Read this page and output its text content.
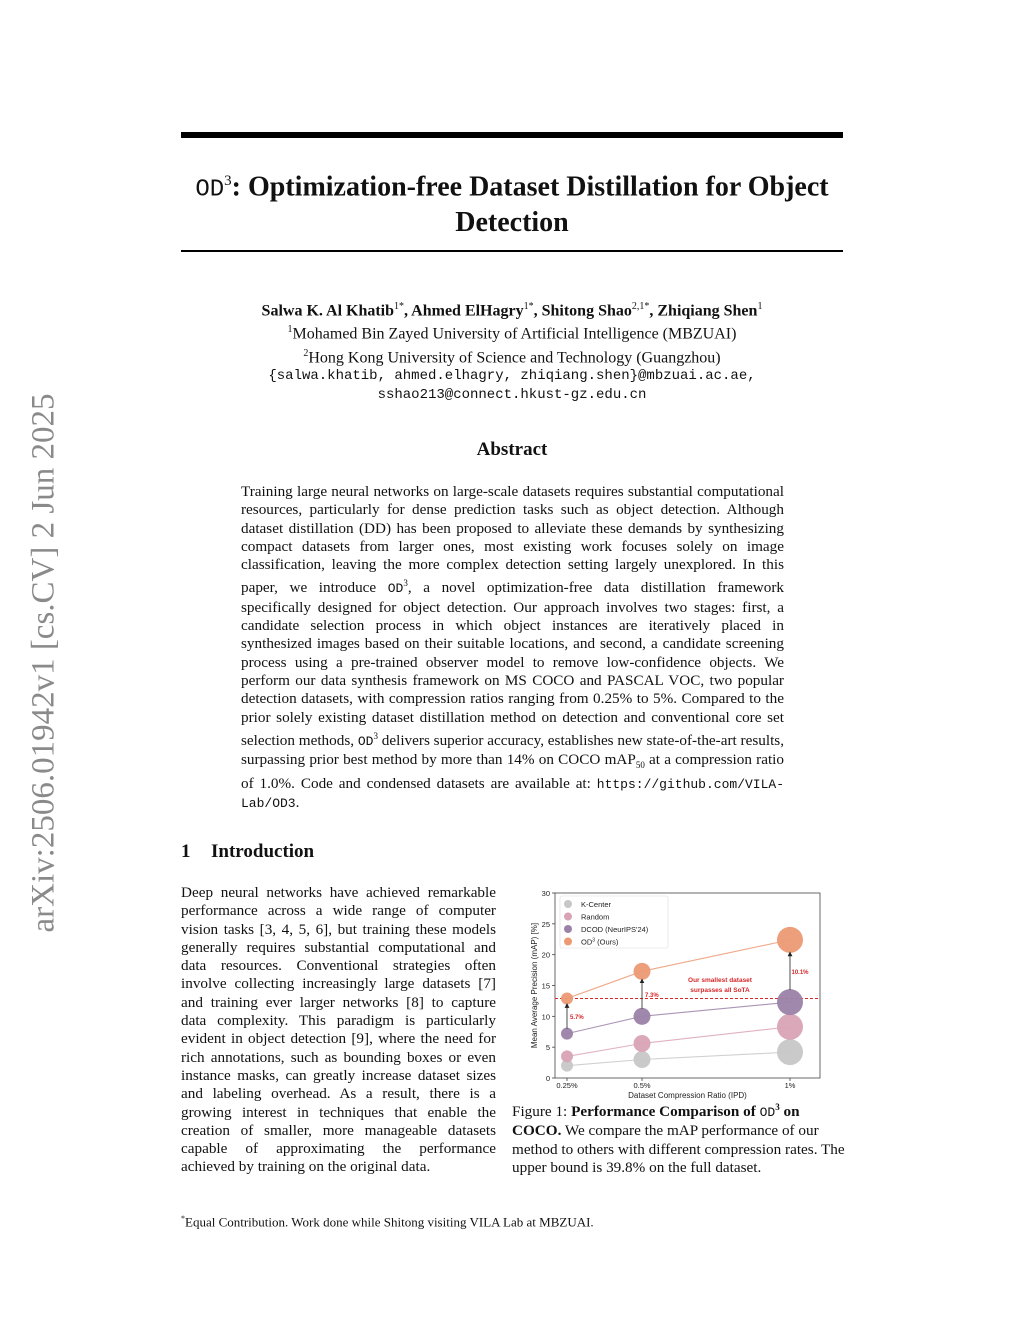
arXiv:2506.01942v1 [cs.CV] 2 Jun 2025
$OD^3$: Optimization-free Dataset Distillation for Object Detection
Salwa K. Al Khatib$^{1*}$, Ahmed ElHagry$^{1*}$, Shitong Shao$^{2,1*}$, Zhiqiang Shen$^1$
$^1$Mohamed Bin Zayed University of Artificial Intelligence (MBZUAI)
$^2$Hong Kong University of Science and Technology (Guangzhou)
{salwa.khatib, ahmed.elhagry, zhiqiang.shen}@mbzuai.ac.ae,
sshao213@connect.hkust-gz.edu.cn
Abstract
Training large neural networks on large-scale datasets requires substantial computational resources, particularly for dense prediction tasks such as object detection. Although dataset distillation (DD) has been proposed to alleviate these demands by synthesizing compact datasets from larger ones, most existing work focuses solely on image classification, leaving the more complex detection setting largely unexplored. In this paper, we introduce $OD^3$, a novel optimization-free data distillation framework specifically designed for object detection. Our approach involves two stages: first, a candidate selection process in which object instances are iteratively placed in synthesized images based on their suitable locations, and second, a candidate screening process using a pre-trained observer model to remove low-confidence objects. We perform our data synthesis framework on MS COCO and PASCAL VOC, two popular detection datasets, with compression ratios ranging from 0.25% to 5%. Compared to the prior solely existing dataset distillation method on detection and conventional core set selection methods, $OD^3$ delivers superior accuracy, establishes new state-of-the-art results, surpassing prior best method by more than 14% on COCO mAP$_{50}$ at a compression ratio of 1.0%. Code and condensed datasets are available at: https://github.com/VILA-Lab/OD3.
1 Introduction
Deep neural networks have achieved remarkable performance across a wide range of computer vision tasks [3, 4, 5, 6], but training these models generally requires substantial computational and data resources. Conventional strategies often involve collecting increasingly large datasets [7] and training ever larger networks [8] to capture data complexity. This paradigm is particularly evident in object detection [9], where the need for rich annotations, such as bounding boxes or even instance masks, can greatly increase dataset sizes and labeling overhead. As a result, there is a growing interest in techniques that enable the creation of smaller, more manageable datasets capable of approximating the performance achieved by training on the original data.
0
5
10
15
20
25
30
0.25%	0.5%	1%
Dataset Compression Ratio (IPD)
Mean Average Precision (mAP) [%]	5.7%
7.3%
10.1%
Our smallest dataset
surpasses all SoTA
K-Center
Random
DCOD (NeurIPS'24)
$OD^3$ (Ours)
Figure 1: Performance Comparison of $OD^3$ on COCO. We compare the mAP performance of our method to others with different compression rates. The upper bound is 39.8% on the full dataset.
*Equal Contribution. Work done while Shitong visiting VILA Lab at MBZUAI.
